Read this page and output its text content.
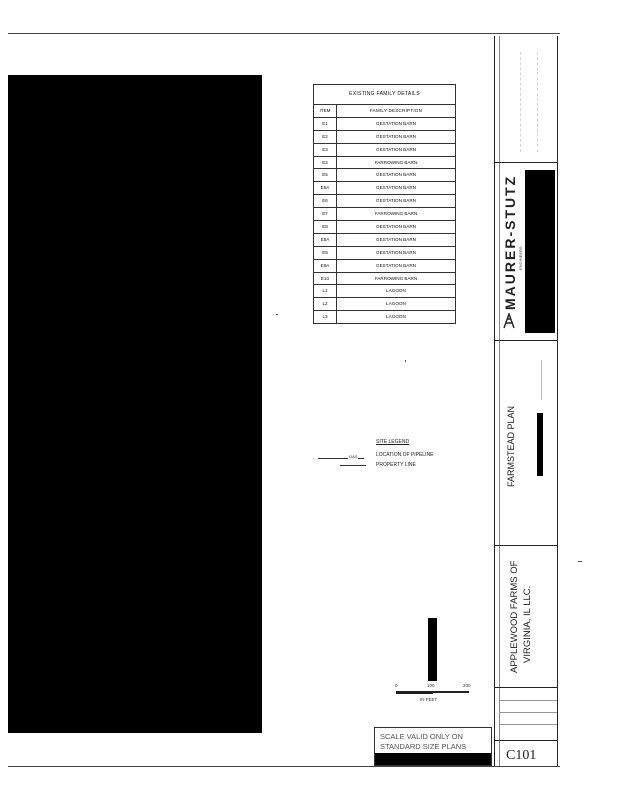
EXISTING FAMILY DETAILS
ITEM	FAMILY DESCRIPTION
E1	GESTATION BARN
E2	GESTATION BARN
E3	GESTATION BARN
E4	FARROWING BARN
E5	GESTATION BARN
E5A	GESTATION BARN
E6	GESTATION BARN
E7	FARROWING BARN
E8	GESTATION BARN
E8A	GESTATION BARN
E9	GESTATION BARN
E9A	GESTATION BARN
E10	FARROWING BARN
L1	LAGOON
L2	LAGOON
L3	LAGOON
SITE LEGEND
GAS	LOCATION OF PIPELINE
PROPERTY LINE
0	100	200
IN FEET
SCALE VALID ONLY ON
STANDARD SIZE PLANS
MAURER-STUTZ ENGINEERS
FARMSTEAD PLAN
APPLEWOOD FARMS OF VIRGINIA, IL LLC.
C101
